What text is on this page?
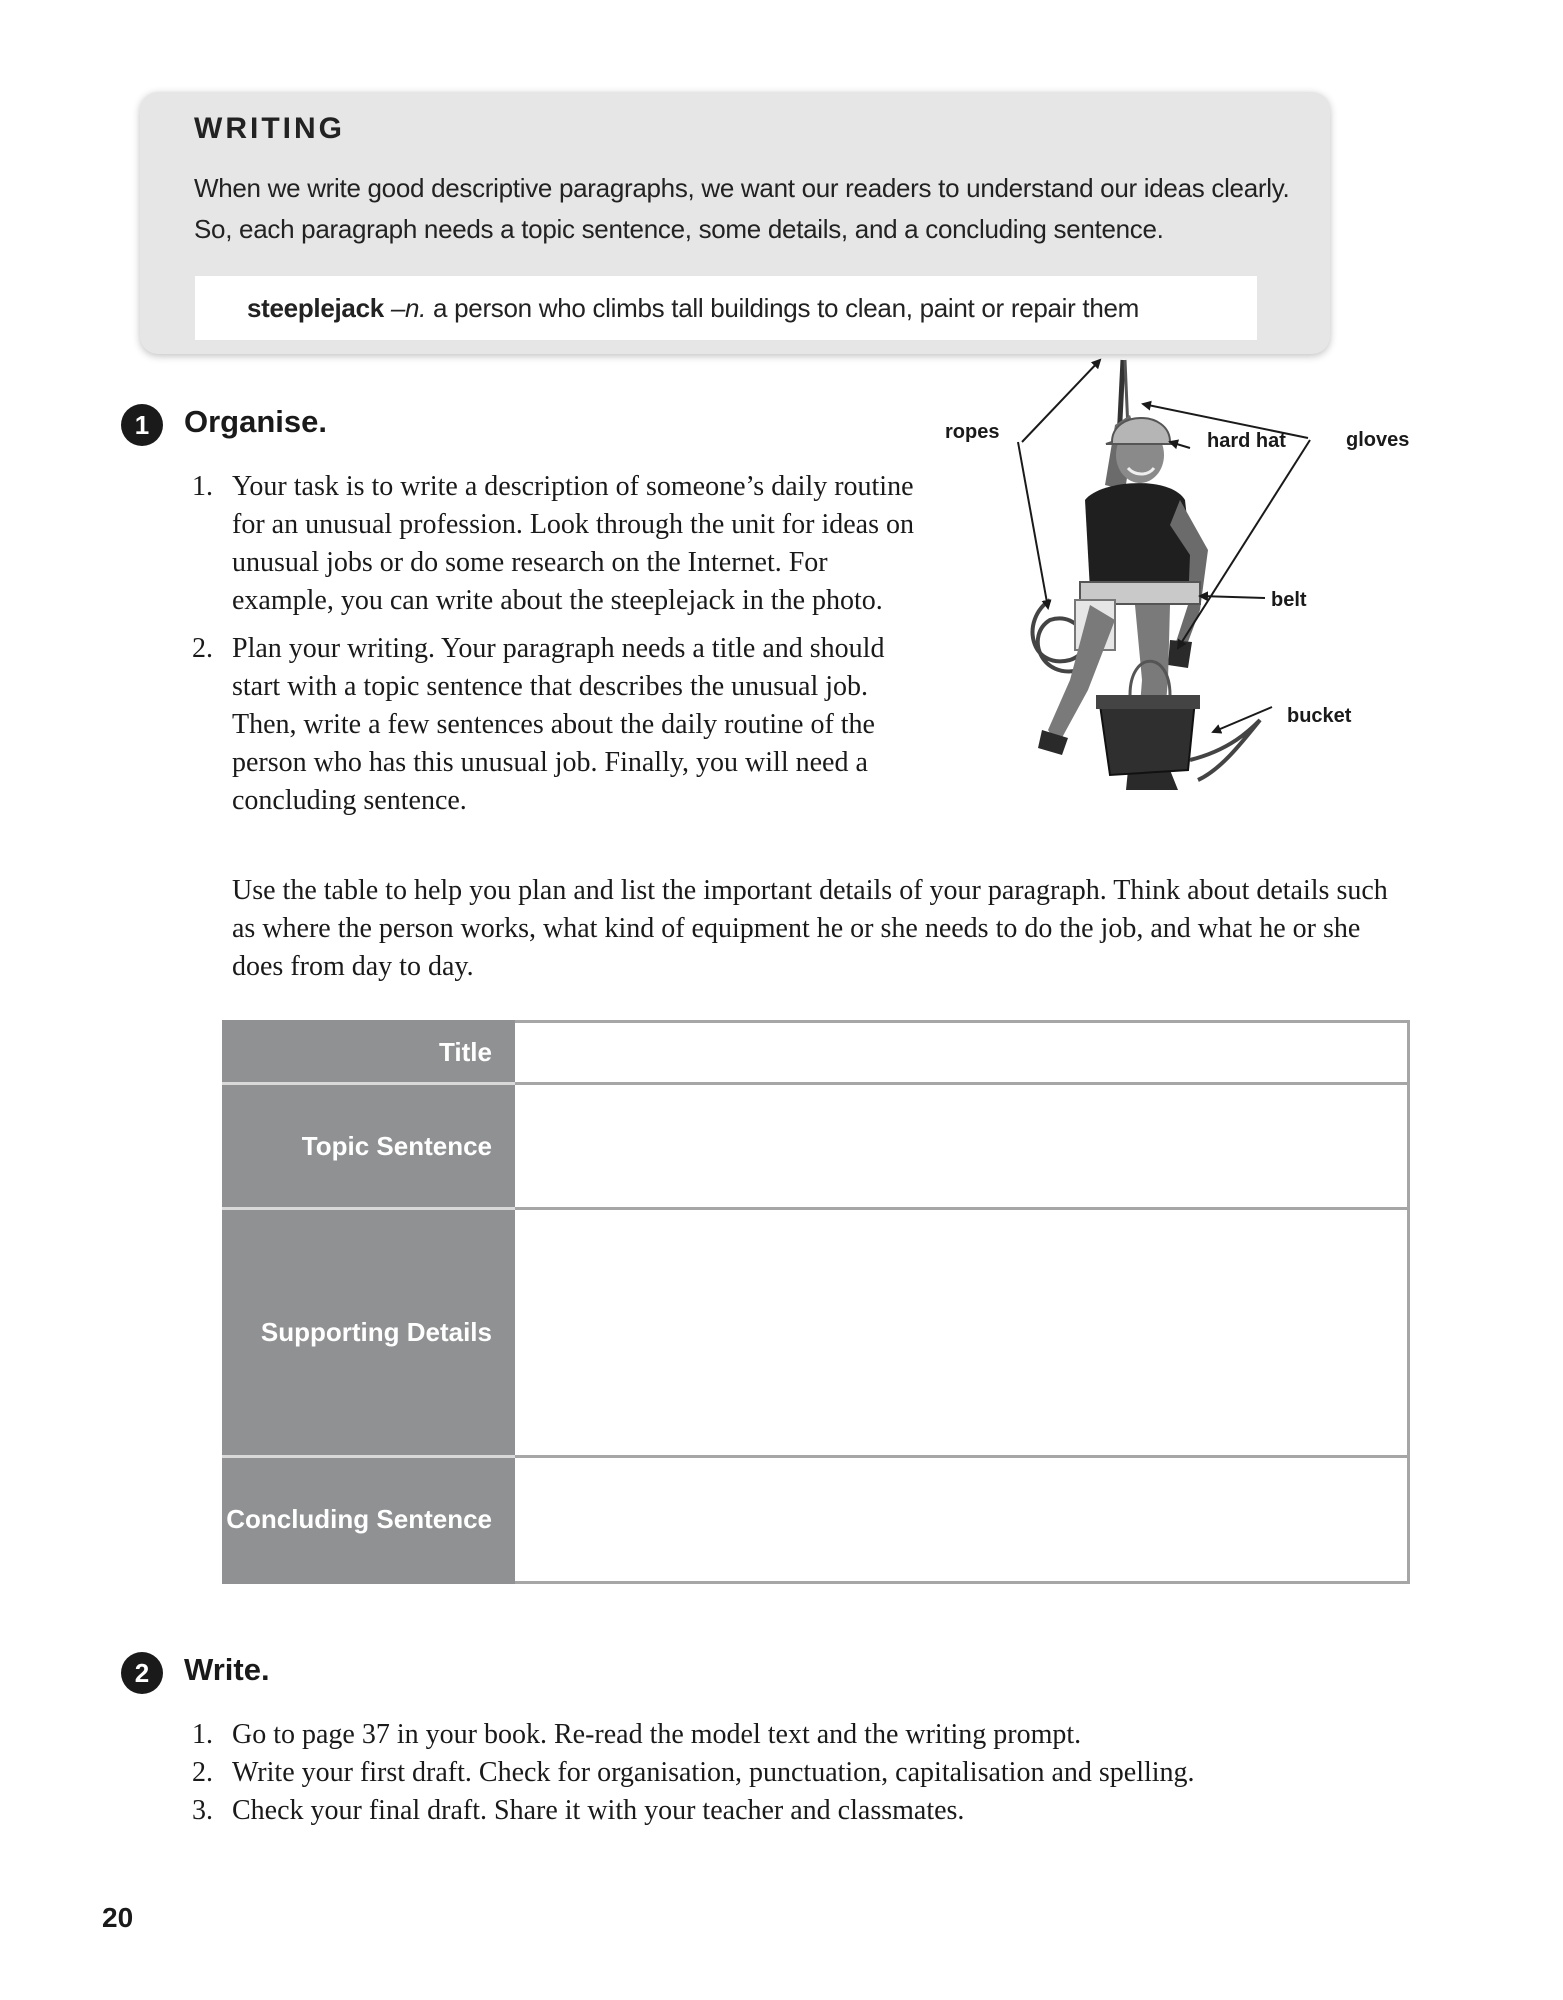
WRITING
When we write good descriptive paragraphs, we want our readers to understand our ideas clearly. So, each paragraph needs a topic sentence, some details, and a concluding sentence.
steeplejack –n. a person who climbs tall buildings to clean, paint or repair them
1	Organise.
1. Your task is to write a description of someone’s daily routine for an unusual profession. Look through the unit for ideas on unusual jobs or do some research on the Internet. For example, you can write about the steeplejack in the photo.
2. Plan your writing. Your paragraph needs a title and should start with a topic sentence that describes the unusual job. Then, write a few sentences about the daily routine of the person who has this unusual job. Finally, you will need a concluding sentence.

Use the table to help you plan and list the important details of your paragraph. Think about details such as where the person works, what kind of equipment he or she needs to do the job, and what he or she does from day to day.

ropes	hard hat	gloves
belt
bucket
Title	
Topic Sentence	
Supporting Details	
Concluding Sentence	
2	Write.
1. Go to page 37 in your book. Re-read the model text and the writing prompt.
2. Write your first draft. Check for organisation, punctuation, capitalisation and spelling.
3. Check your final draft. Share it with your teacher and classmates.
20
